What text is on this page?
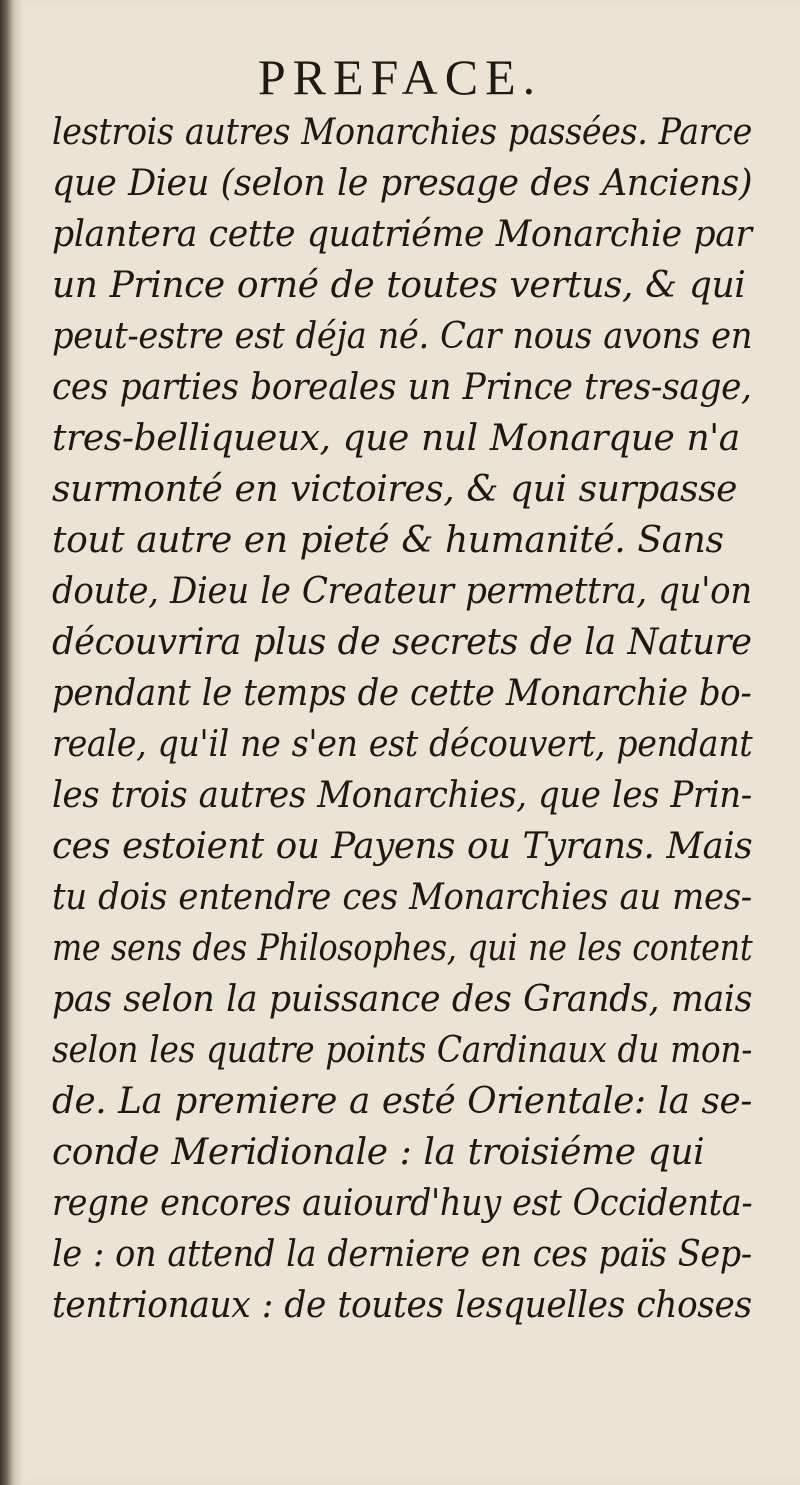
PREFACE.
lestrois autres Monarchies passées. Parce
que Dieu (selon le presage des Anciens)
plantera cette quatriéme Monarchie par
un Prince orné de toutes vertus, & qui
peut-estre est déja né. Car nous avons en
ces parties boreales un Prince tres-sage,
tres-belliqueux, que nul Monarque n'a
surmonté en victoires, & qui surpasse
tout autre en pieté & humanité. Sans
doute, Dieu le Createur permettra, qu'on
découvrira plus de secrets de la Nature
pendant le temps de cette Monarchie bo-
reale, qu'il ne s'en est découvert, pendant
les trois autres Monarchies, que les Prin-
ces estoient ou Payens ou Tyrans. Mais
tu dois entendre ces Monarchies au mes-
me sens des Philosophes, qui ne les content
pas selon la puissance des Grands, mais
selon les quatre points Cardinaux du mon-
de. La premiere a esté Orientale: la se-
conde Meridionale : la troisiéme qui
regne encores auiourd'huy est Occidenta-
le : on attend la derniere en ces païs Sep-
tentrionaux : de toutes lesquelles choses
